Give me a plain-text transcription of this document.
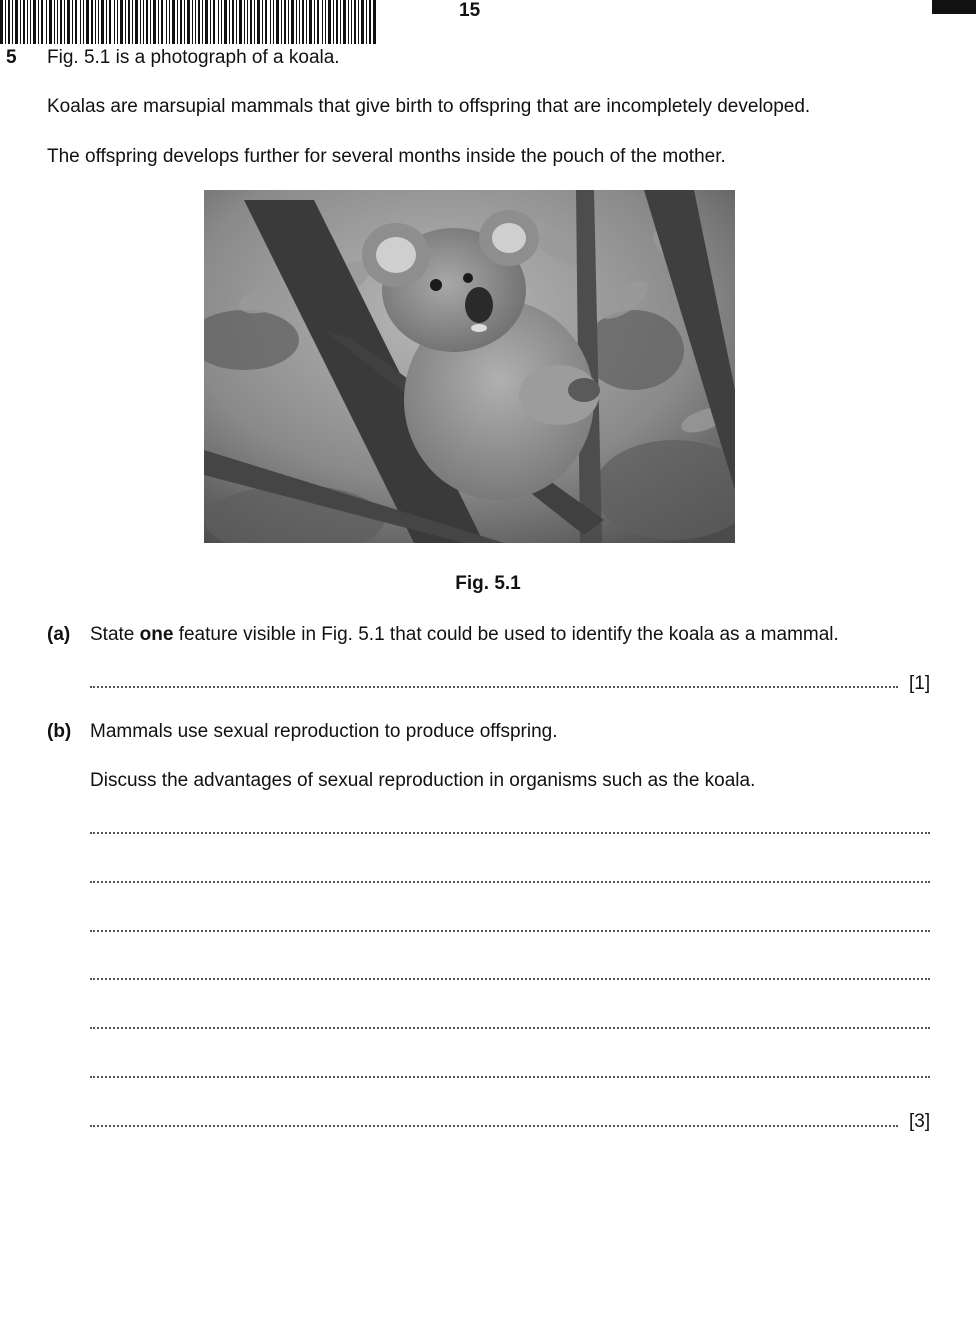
15
5 Fig. 5.1 is a photograph of a koala.
Koalas are marsupial mammals that give birth to offspring that are incompletely developed.
The offspring develops further for several months inside the pouch of the mother.
Fig. 5.1
(a) State one feature visible in Fig. 5.1 that could be used to identify the koala as a mammal.
[1]
(b) Mammals use sexual reproduction to produce offspring.
Discuss the advantages of sexual reproduction in organisms such as the koala.
[3]
